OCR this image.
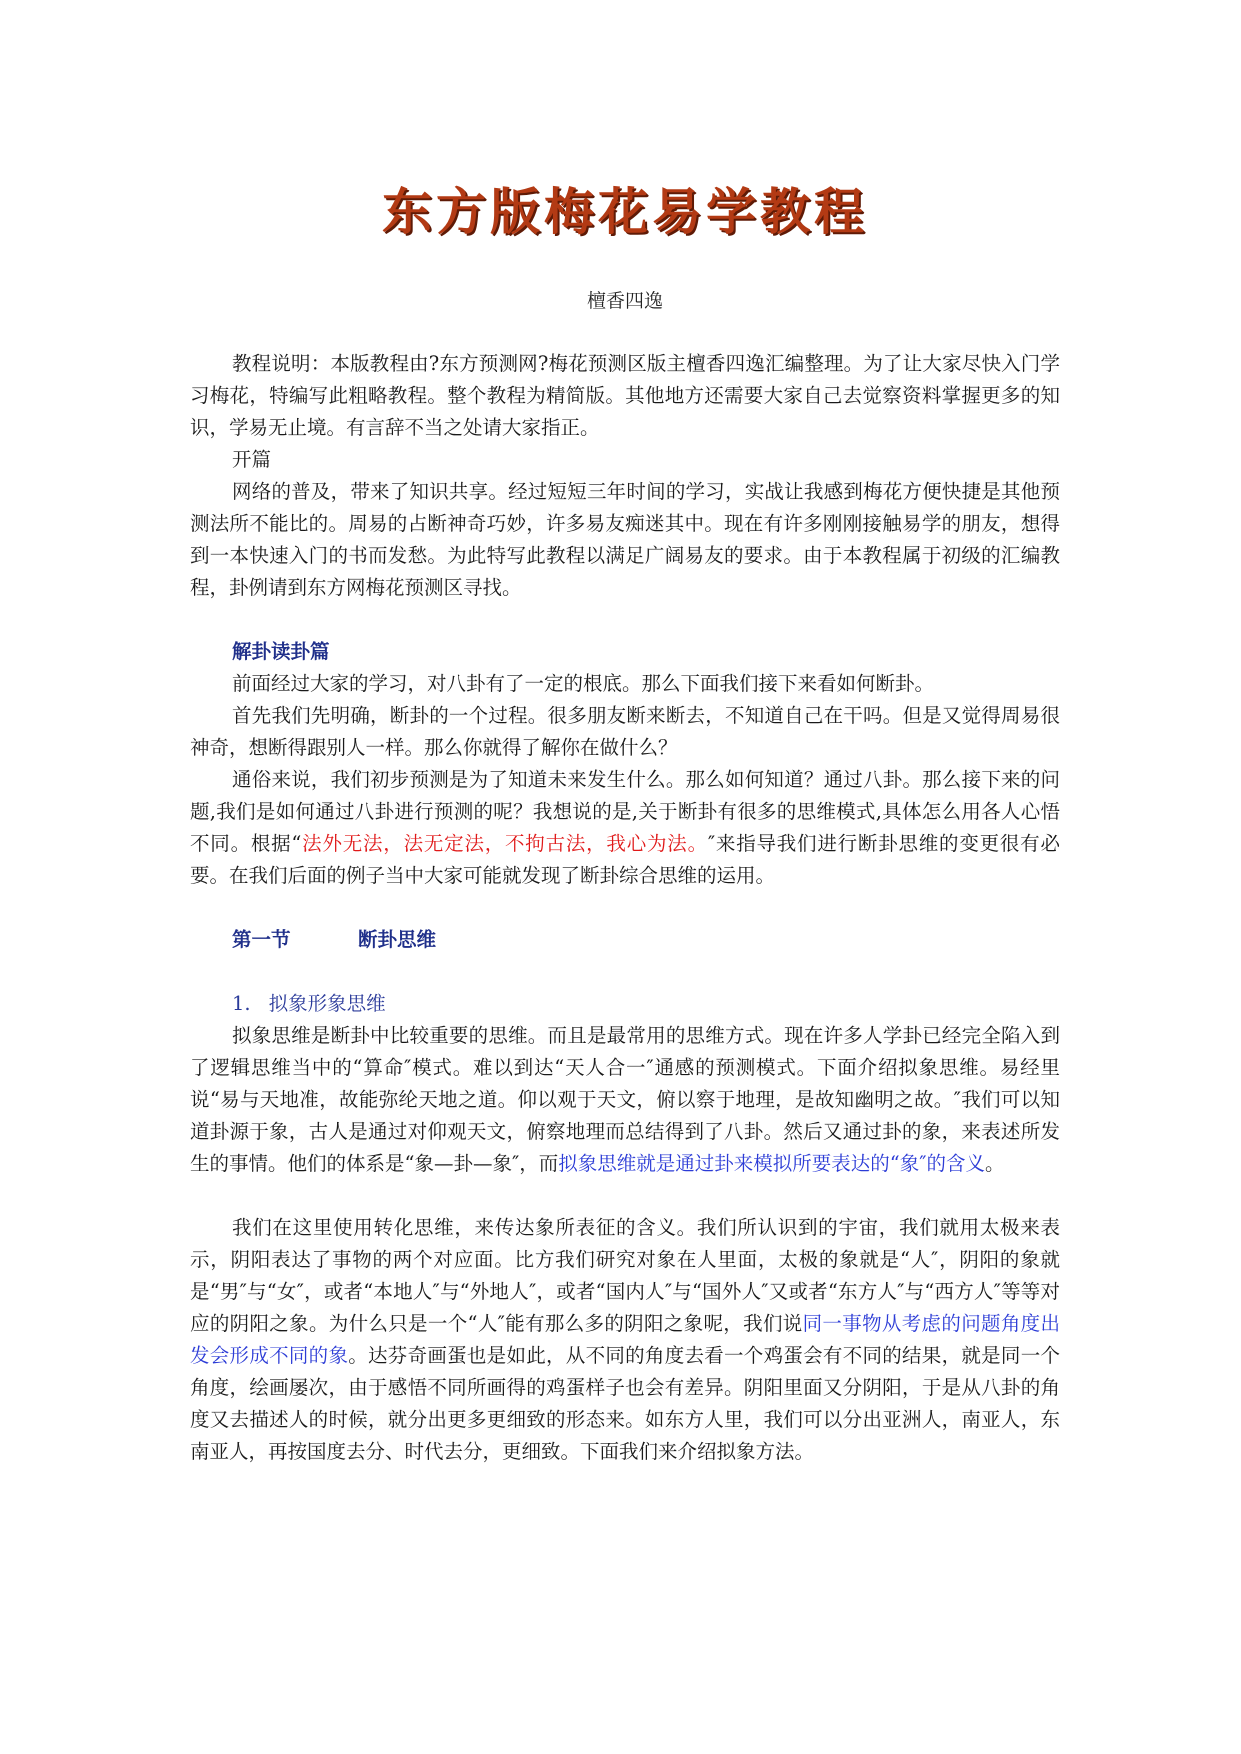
东方版梅花易学教程
檀香四逸

教程说明：本版教程由?东方预测网?梅花预测区版主檀香四逸汇编整理。为了让大家尽快入门学习梅花，特编写此粗略教程。整个教程为精简版。其他地方还需要大家自己去觉察资料掌握更多的知识，学易无止境。有言辞不当之处请大家指正。

开篇

网络的普及，带来了知识共享。经过短短三年时间的学习，实战让我感到梅花方便快捷是其他预测法所不能比的。周易的占断神奇巧妙，许多易友痴迷其中。现在有许多刚刚接触易学的朋友，想得到一本快速入门的书而发愁。为此特写此教程以满足广阔易友的要求。由于本教程属于初级的汇编教程，卦例请到东方网梅花预测区寻找。

解卦读卦篇

前面经过大家的学习，对八卦有了一定的根底。那么下面我们接下来看如何断卦。

首先我们先明确，断卦的一个过程。很多朋友断来断去，不知道自己在干吗。但是又觉得周易很神奇，想断得跟别人一样。那么你就得了解你在做什么？

通俗来说，我们初步预测是为了知道未来发生什么。那么如何知道？通过八卦。那么接下来的问题,我们是如何通过八卦进行预测的呢？我想说的是,关于断卦有很多的思维模式,具体怎么用各人心悟不同。根据“法外无法，法无定法，不拘古法，我心为法。″来指导我们进行断卦思维的变更很有必要。在我们后面的例子当中大家可能就发现了断卦综合思维的运用。

第一节	断卦思维
1. 拟象形象思维

拟象思维是断卦中比较重要的思维。而且是最常用的思维方式。现在许多人学卦已经完全陷入到了逻辑思维当中的“算命″模式。难以到达“天人合一″通感的预测模式。下面介绍拟象思维。易经里说“易与天地准，故能弥纶天地之道。仰以观于天文，俯以察于地理，是故知幽明之故。″我们可以知道卦源于象，古人是通过对仰观天文，俯察地理而总结得到了八卦。然后又通过卦的象，来表述所发生的事情。他们的体系是“象—卦—象″，而拟象思维就是通过卦来模拟所要表达的“象″的含义。

我们在这里使用转化思维，来传达象所表征的含义。我们所认识到的宇宙，我们就用太极来表示，阴阳表达了事物的两个对应面。比方我们研究对象在人里面，太极的象就是“人″，阴阳的象就是“男″与“女″，或者“本地人″与“外地人″，或者“国内人″与“国外人″又或者“东方人″与“西方人″等等对应的阴阳之象。为什么只是一个“人″能有那么多的阴阳之象呢，我们说同一事物从考虑的问题角度出发会形成不同的象。达芬奇画蛋也是如此，从不同的角度去看一个鸡蛋会有不同的结果，就是同一个角度，绘画屡次，由于感悟不同所画得的鸡蛋样子也会有差异。阴阳里面又分阴阳，于是从八卦的角度又去描述人的时候，就分出更多更细致的形态来。如东方人里，我们可以分出亚洲人，南亚人，东南亚人，再按国度去分、时代去分，更细致。下面我们来介绍拟象方法。
